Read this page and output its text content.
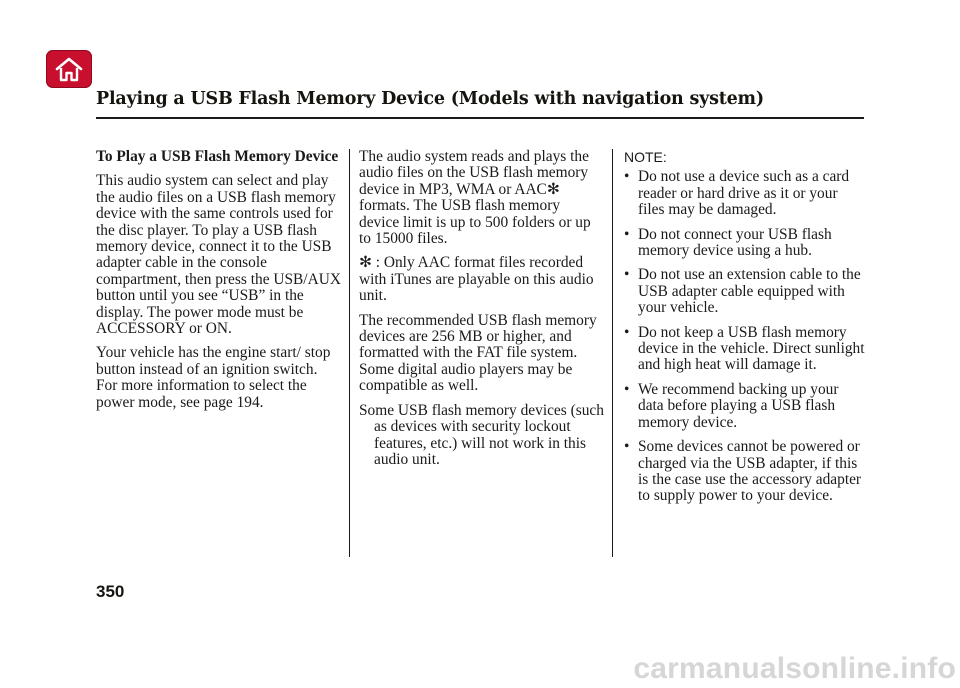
Playing a USB Flash Memory Device (Models with navigation system)

To Play a USB Flash Memory Device

This audio system can select and play the audio files on a USB flash memory device with the same controls used for the disc player. To play a USB flash memory device, connect it to the USB adapter cable in the console compartment, then press the USB/AUX button until you see “USB” in the display. The power mode must be ACCESSORY or ON.

Your vehicle has the engine start/ stop button instead of an ignition switch. For more information to select the power mode, see page 194.

The audio system reads and plays the audio files on the USB flash memory device in MP3, WMA or AAC✻ formats. The USB flash memory device limit is up to 500 folders or up to 15000 files.

✻ : Only AAC format files recorded with iTunes are playable on this audio unit.

The recommended USB flash memory devices are 256 MB or higher, and formatted with the FAT file system. Some digital audio players may be compatible as well.

Some USB flash memory devices (such as devices with security lockout features, etc.) will not work in this audio unit.

NOTE:
• Do not use a device such as a card reader or hard drive as it or your files may be damaged.
• Do not connect your USB flash memory device using a hub.
• Do not use an extension cable to the USB adapter cable equipped with your vehicle.
• Do not keep a USB flash memory device in the vehicle. Direct sunlight and high heat will damage it.
• We recommend backing up your data before playing a USB flash memory device.
• Some devices cannot be powered or charged via the USB adapter, if this is the case use the accessory adapter to supply power to your device.
350
carmanualsonline.info
